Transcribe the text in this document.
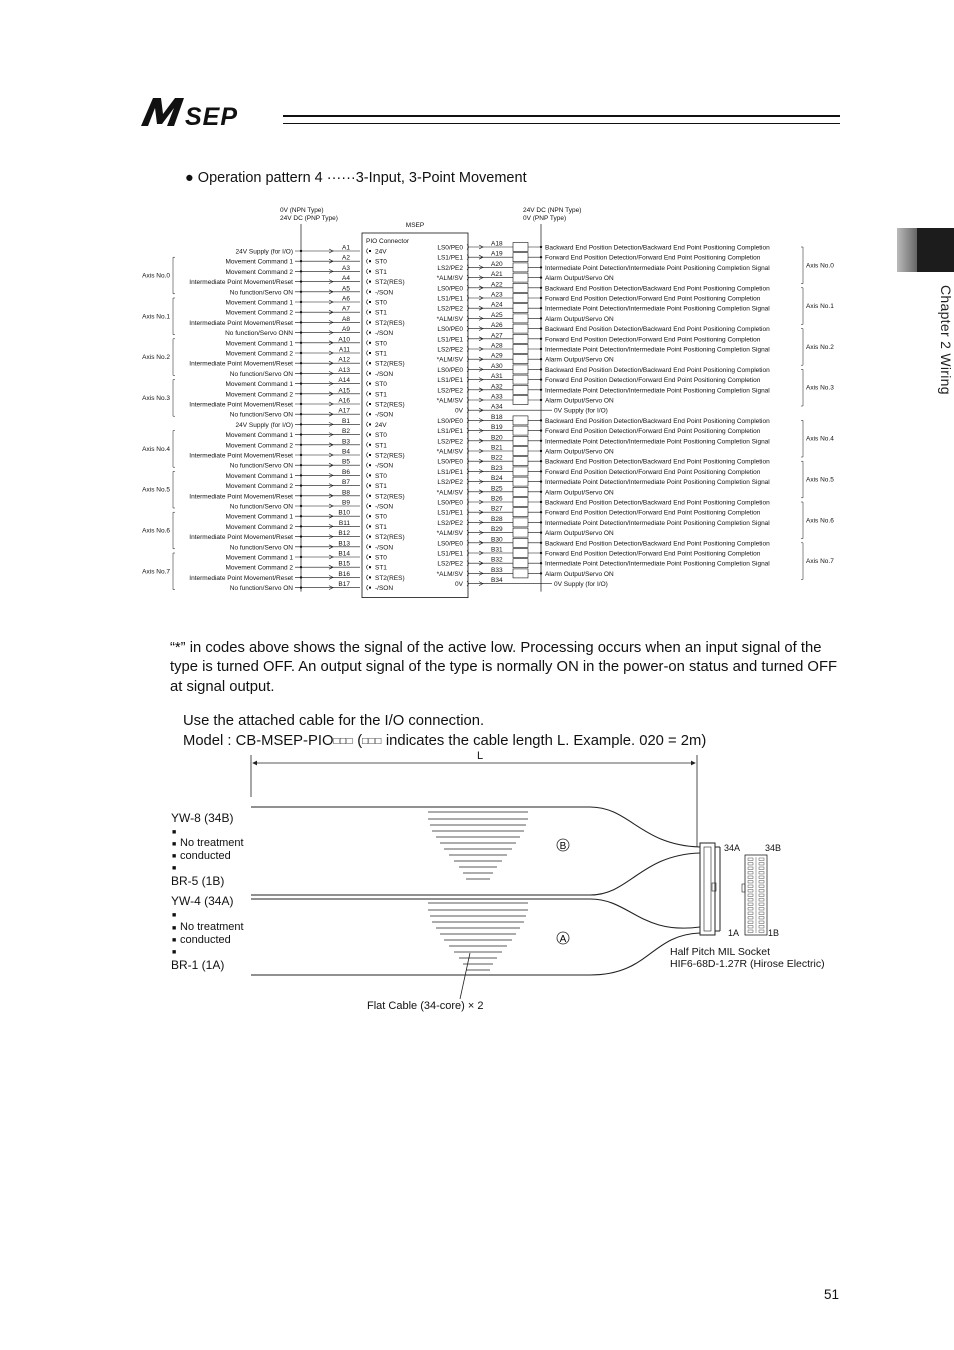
SEP
Chapter 2 Wiring
● Operation pattern 4 ······3-Input, 3-Point Movement
0V (NPN Type)
24V DC (PNP Type)
24V DC (NPN Type)
0V (PNP Type)
MSEP
PIO Connector
Axis No.0
Axis No.1
Axis No.2
Axis No.3
Axis No.4
Axis No.5
Axis No.6
Axis No.7
Axis No.0
Axis No.1
Axis No.2
Axis No.3
Axis No.4
Axis No.5
Axis No.6
Axis No.7
24V Supply (for I/O)
A1
24V
Movement Command 1
A2
ST0
Movement Command 2
A3
ST1
Intermediate Point Movement/Reset
A4
ST2(RES)
No function/Servo ON
A5
-/SON
Movement Command 1
A6
ST0
Movement Command 2
A7
ST1
Intermediate Point Movement/Reset
A8
ST2(RES)
No function/Servo ONN
A9
-/SON
Movement Command 1
A10
ST0
Movement Command 2
A11
ST1
Intermediate Point Movement/Reset
A12
ST2(RES)
No function/Servo ON
A13
-/SON
Movement Command 1
A14
ST0
Movement Command 2
A15
ST1
Intermediate Point Movement/Reset
A16
ST2(RES)
No function/Servo ON
A17
-/SON
24V Supply (for I/O)
B1
24V
Movement Command 1
B2
ST0
Movement Command 2
B3
ST1
Intermediate Point Movement/Reset
B4
ST2(RES)
No function/Servo ON
B5
-/SON
Movement Command 1
B6
ST0
Movement Command 2
B7
ST1
Intermediate Point Movement/Reset
B8
ST2(RES)
No function/Servo ON
B9
-/SON
Movement Command 1
B10
ST0
Movement Command 2
B11
ST1
Intermediate Point Movement/Reset
B12
ST2(RES)
No function/Servo ON
B13
-/SON
Movement Command 1
B14
ST0
Movement Command 2
B15
ST1
Intermediate Point Movement/Reset
B16
ST2(RES)
No function/Servo ON
B17
-/SON
LS0/PE0
A18
Backward End Position Detection/Backward End Point Positioning Completion
LS1/PE1
A19
Forward End Position Detection/Forward End Point Positioning Completion
LS2/PE2
A20
Intermediate Point Detection/Intermediate Point Positioning Completion Signal
*ALM/SV
A21
Alarm Output/Servo ON
LS0/PE0
A22
Backward End Position Detection/Backward End Point Positioning Completion
LS1/PE1
A23
Forward End Position Detection/Forward End Point Positioning Completion
LS2/PE2
A24
Intermediate Point Detection/Intermediate Point Positioning Completion Signal
*ALM/SV
A25
Alarm Output/Servo ON
LS0/PE0
A26
Backward End Position Detection/Backward End Point Positioning Completion
LS1/PE1
A27
Forward End Position Detection/Forward End Point Positioning Completion
LS2/PE2
A28
Intermediate Point Detection/Intermediate Point Positioning Completion Signal
*ALM/SV
A29
Alarm Output/Servo ON
LS0/PE0
A30
Backward End Position Detection/Backward End Point Positioning Completion
LS1/PE1
A31
Forward End Position Detection/Forward End Point Positioning Completion
LS2/PE2
A32
Intermediate Point Detection/Intermediate Point Positioning Completion Signal
*ALM/SV
A33
Alarm Output/Servo ON
0V
A34
0V Supply (for I/O)
LS0/PE0
B18
Backward End Position Detection/Backward End Point Positioning Completion
LS1/PE1
B19
Forward End Position Detection/Forward End Point Positioning Completion
LS2/PE2
B20
Intermediate Point Detection/Intermediate Point Positioning Completion Signal
*ALM/SV
B21
Alarm Output/Servo ON
LS0/PE0
B22
Backward End Position Detection/Backward End Point Positioning Completion
LS1/PE1
B23
Forward End Position Detection/Forward End Point Positioning Completion
LS2/PE2
B24
Intermediate Point Detection/Intermediate Point Positioning Completion Signal
*ALM/SV
B25
Alarm Output/Servo ON
LS0/PE0
B26
Backward End Position Detection/Backward End Point Positioning Completion
LS1/PE1
B27
Forward End Position Detection/Forward End Point Positioning Completion
LS2/PE2
B28
Intermediate Point Detection/Intermediate Point Positioning Completion Signal
*ALM/SV
B29
Alarm Output/Servo ON
LS0/PE0
B30
Backward End Position Detection/Backward End Point Positioning Completion
LS1/PE1
B31
Forward End Position Detection/Forward End Point Positioning Completion
LS2/PE2
B32
Intermediate Point Detection/Intermediate Point Positioning Completion Signal
*ALM/SV
B33
Alarm Output/Servo ON
0V
B34
0V Supply (for I/O)
“*” in codes above shows the signal of the active low. Processing occurs when an input signal of the type is turned OFF. An output signal of the type is normally ON in the power-on status and turned OFF at signal output.
Use the attached cable for the I/O connection.
Model : CB-MSEP-PIO□□□ (□□□ indicates the cable length L. Example. 020 = 2m)
B
A
L
YW-8 (34B)
■
■ No treatment
■ conducted
■
BR-5 (1B)
YW-4 (34A)
■
■ No treatment
■ conducted
■
BR-1 (1A)
Flat Cable (34-core) × 2
34A	34B
1A	1B
Half Pitch MIL Socket
HIF6-68D-1.27R (Hirose Electric)
51
